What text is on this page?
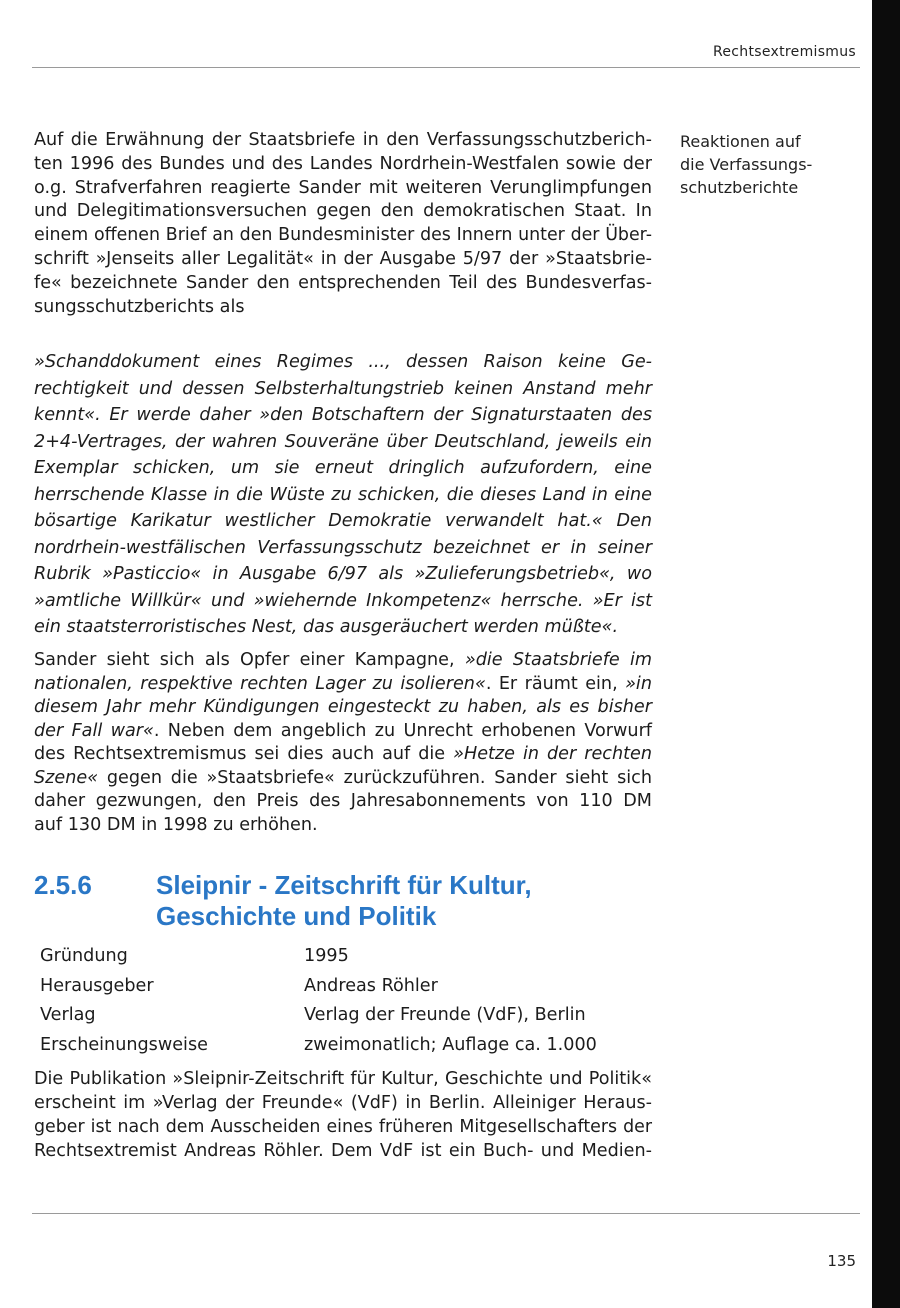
Rechtsextremismus
Reaktionen auf
die Verfassungs-
schutzberichte
Auf die Erwähnung der Staatsbriefe in den Verfassungsschutzberich-
ten 1996 des Bundes und des Landes Nordrhein-Westfalen sowie der
o.g. Strafverfahren reagierte Sander mit weiteren Verunglimpfungen
und Delegitimationsversuchen gegen den demokratischen Staat. In
einem offenen Brief an den Bundesminister des Innern unter der Über-
schrift »Jenseits aller Legalität« in der Ausgabe 5/97 der »Staatsbrie-
fe« bezeichnete Sander den entsprechenden Teil des Bundesverfas-
sungsschutzberichts als
»Schanddokument eines Regimes ..., dessen Raison keine Ge-
rechtigkeit und dessen Selbsterhaltungstrieb keinen Anstand mehr
kennt«. Er werde daher »den Botschaftern der Signaturstaaten des
2+4-Vertrages, der wahren Souveräne über Deutschland, jeweils ein
Exemplar schicken, um sie erneut dringlich aufzufordern, eine
herrschende Klasse in die Wüste zu schicken, die dieses Land in eine
bösartige Karikatur westlicher Demokratie verwandelt hat.« Den
nordrhein-westfälischen Verfassungsschutz bezeichnet er in seiner
Rubrik »Pasticcio« in Ausgabe 6/97 als »Zulieferungsbetrieb«, wo
»amtliche Willkür« und »wiehernde Inkompetenz« herrsche. »Er ist
ein staatsterroristisches Nest, das ausgeräuchert werden müßte«.
Sander sieht sich als Opfer einer Kampagne, »die Staatsbriefe im
nationalen, respektive rechten Lager zu isolieren«. Er räumt ein, »in
diesem Jahr mehr Kündigungen eingesteckt zu haben, als es bisher
der Fall war«. Neben dem angeblich zu Unrecht erhobenen Vorwurf
des Rechtsextremismus sei dies auch auf die »Hetze in der rechten
Szene« gegen die »Staatsbriefe« zurückzuführen. Sander sieht sich
daher gezwungen, den Preis des Jahresabonnements von 110 DM
auf 130 DM in 1998 zu erhöhen.
2.5.6 Sleipnir - Zeitschrift für Kultur,
Geschichte und Politik
Gründung	1995
Herausgeber	Andreas Röhler
Verlag	Verlag der Freunde (VdF), Berlin
Erscheinungsweise	zweimonatlich; Auflage ca. 1.000
Die Publikation »Sleipnir-Zeitschrift für Kultur, Geschichte und Politik«
erscheint im »Verlag der Freunde« (VdF) in Berlin. Alleiniger Heraus-
geber ist nach dem Ausscheiden eines früheren Mitgesellschafters der
Rechtsextremist Andreas Röhler. Dem VdF ist ein Buch- und Medien-
135
